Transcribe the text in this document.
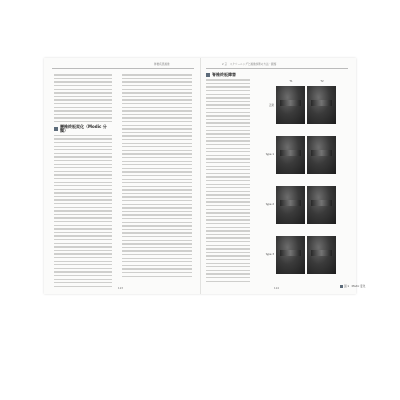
脊椎疾患画像
腰椎終板変化（Modic 分類）
113
2 章　スクリーニングと画像診断の方法・観察
脊椎終板障害
114
T1	T2
正常
type 1
type 2
type 3
図 1　Modic 変化
